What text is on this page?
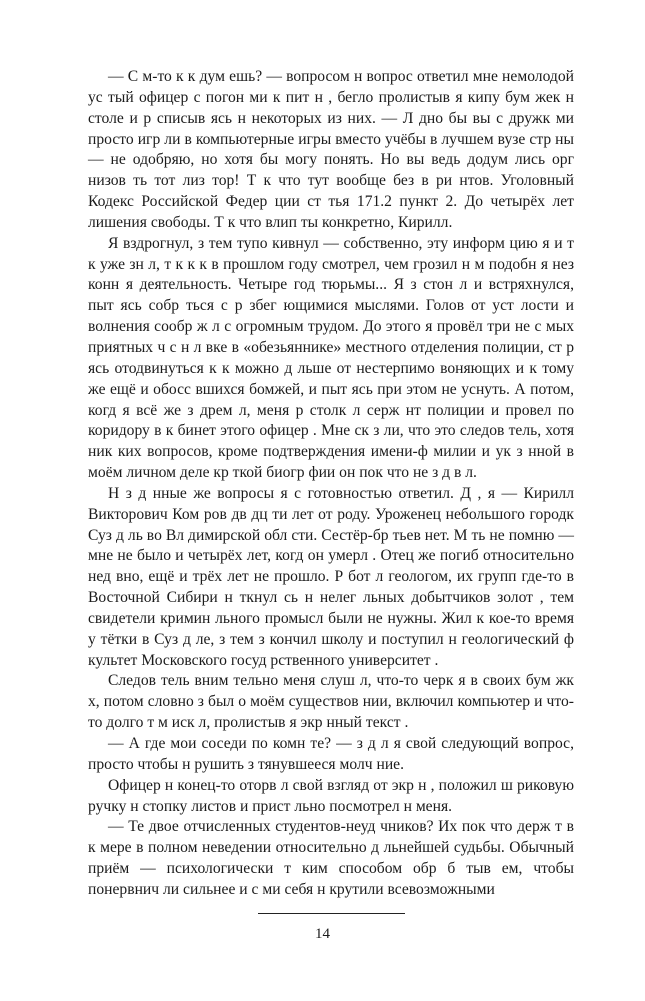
— С м-то к к дум ешь? — вопросом н вопрос ответил мне немолодой ус тый офицер с погон ми к пит н , бегло пролистыв я кипу бум жек н столе и р списыв ясь н некоторых из них. — Л дно бы вы с дружк ми просто игр ли в компьютерные игры вместо учёбы в лучшем вузе стр ны — не одобряю, но хотя бы могу понять. Но вы ведь додум лись орг низов ть тот лиз тор! Т к что тут вообще без в ри нтов. Уголовный Кодекс Российской Федер ции ст тья 171.2 пункт 2. До четырёх лет лишения свободы. Т к что влип ты конкретно, Кирилл.

Я вздрогнул, з тем тупо кивнул — собственно, эту информ цию я и т к уже зн л, т к к к в прошлом году смотрел, чем грозил н м подобн я нез конн я деятельность. Четыре год тюрьмы... Я з стон л и встряхнулся, пыт ясь собр ться с р збег ющимися мыслями. Голов от уст лости и волнения сообр ж л с огромным трудом. До этого я провёл три не с мых приятных ч с н л вке в «обезьяннике» местного отделения полиции, ст р ясь отодвинуться к к можно д льше от нестерпимо воняющих и к тому же ещё и обосс вшихся бомжей, и пыт ясь при этом не уснуть. А потом, когд я всё же з дрем л, меня р столк л серж нт полиции и провел по коридору в к бинет этого офицер . Мне ск з ли, что это следов тель, хотя ник ких вопросов, кроме подтверждения имени-ф милии и ук з нной в моём личном деле кр ткой биогр фии он пок что не з д в л.

Н з д нные же вопросы я с готовностью ответил. Д , я — Кирилл Викторович Ком ров дв дц ти лет от роду. Уроженец небольшого городк Суз д ль во Вл димирской обл сти. Сестёр-бр тьев нет. М ть не помню — мне не было и четырёх лет, когд он умерл . Отец же погиб относительно нед вно, ещё и трёх лет не прошло. Р бот л геологом, их групп где-то в Восточной Сибири н ткнул сь н нелег льных добытчиков золот , тем свидетели кримин льного промысл были не нужны. Жил к кое-то время у тётки в Суз д ле, з тем з кончил школу и поступил н геологический ф культет Московского госуд рственного университет .

Следов тель вним тельно меня слуш л, что-то черк я в своих бум жк х, потом словно з был о моём существов нии, включил компьютер и что-то долго т м иск л, пролистыв я экр нный текст .

— А где мои соседи по комн те? — з д л я свой следующий вопрос, просто чтобы н рушить з тянувшееся молч ние.

Офицер н конец-то оторв л свой взгляд от экр н , положил ш риковую ручку н стопку листов и прист льно посмотрел н меня.

— Те двое отчисленных студентов-неуд чников? Их пок что держ т в к мере в полном неведении относительно д льнейшей судьбы. Обычный приём — психологически т ким способом обр б тыв ем, чтобы понервнич ли сильнее и с ми себя н крутили всевозможными

14
